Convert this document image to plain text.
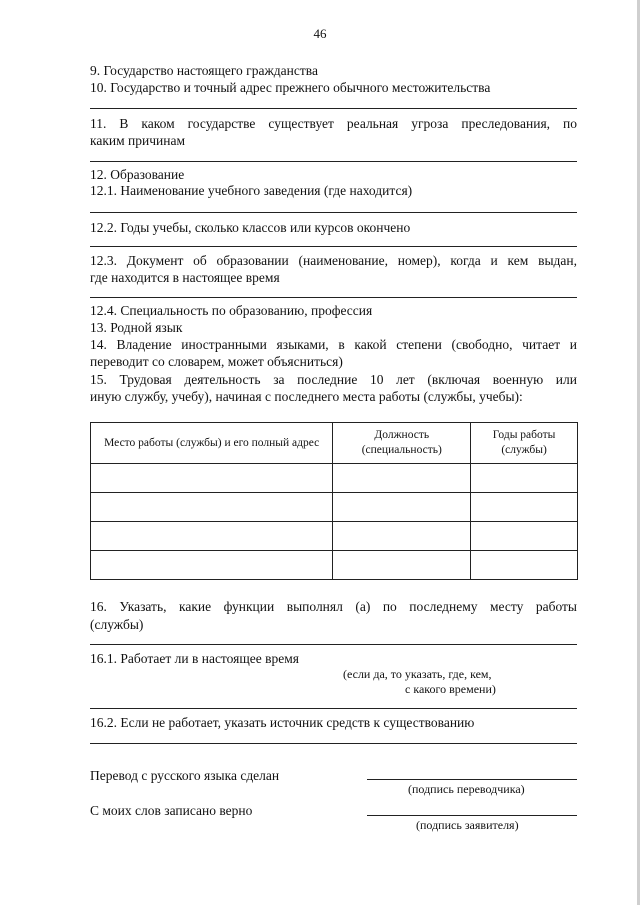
46
9. Государство настоящего гражданства
10. Государство и точный адрес прежнего обычного местожительства
11. В каком государстве существует реальная угроза преследования, по
каким причинам
12. Образование
12.1. Наименование учебного заведения (где находится)
12.2. Годы учебы, сколько классов или курсов окончено
12.3. Документ об образовании (наименование, номер), когда и кем выдан,
где находится в настоящее время
12.4. Специальность по образованию, профессия
13. Родной язык
14. Владение иностранными языками, в какой степени (свободно, читает и
переводит со словарем, может объясниться)
15. Трудовая деятельность за последние 10 лет (включая военную или
иную службу, учебу), начиная с последнего места работы (службы, учебы):
Место работы (службы) и его полный адрес	Должность (специальность)	Годы работы (службы)

16. Указать, какие функции выполнял (а) по последнему месту работы
(службы)
16.1. Работает ли в настоящее время
(если да, то указать, где, кем,
с какого времени)
16.2. Если не работает, указать источник средств к существованию
Перевод с русского языка сделан
(подпись переводчика)
С моих слов записано верно
(подпись заявителя)
